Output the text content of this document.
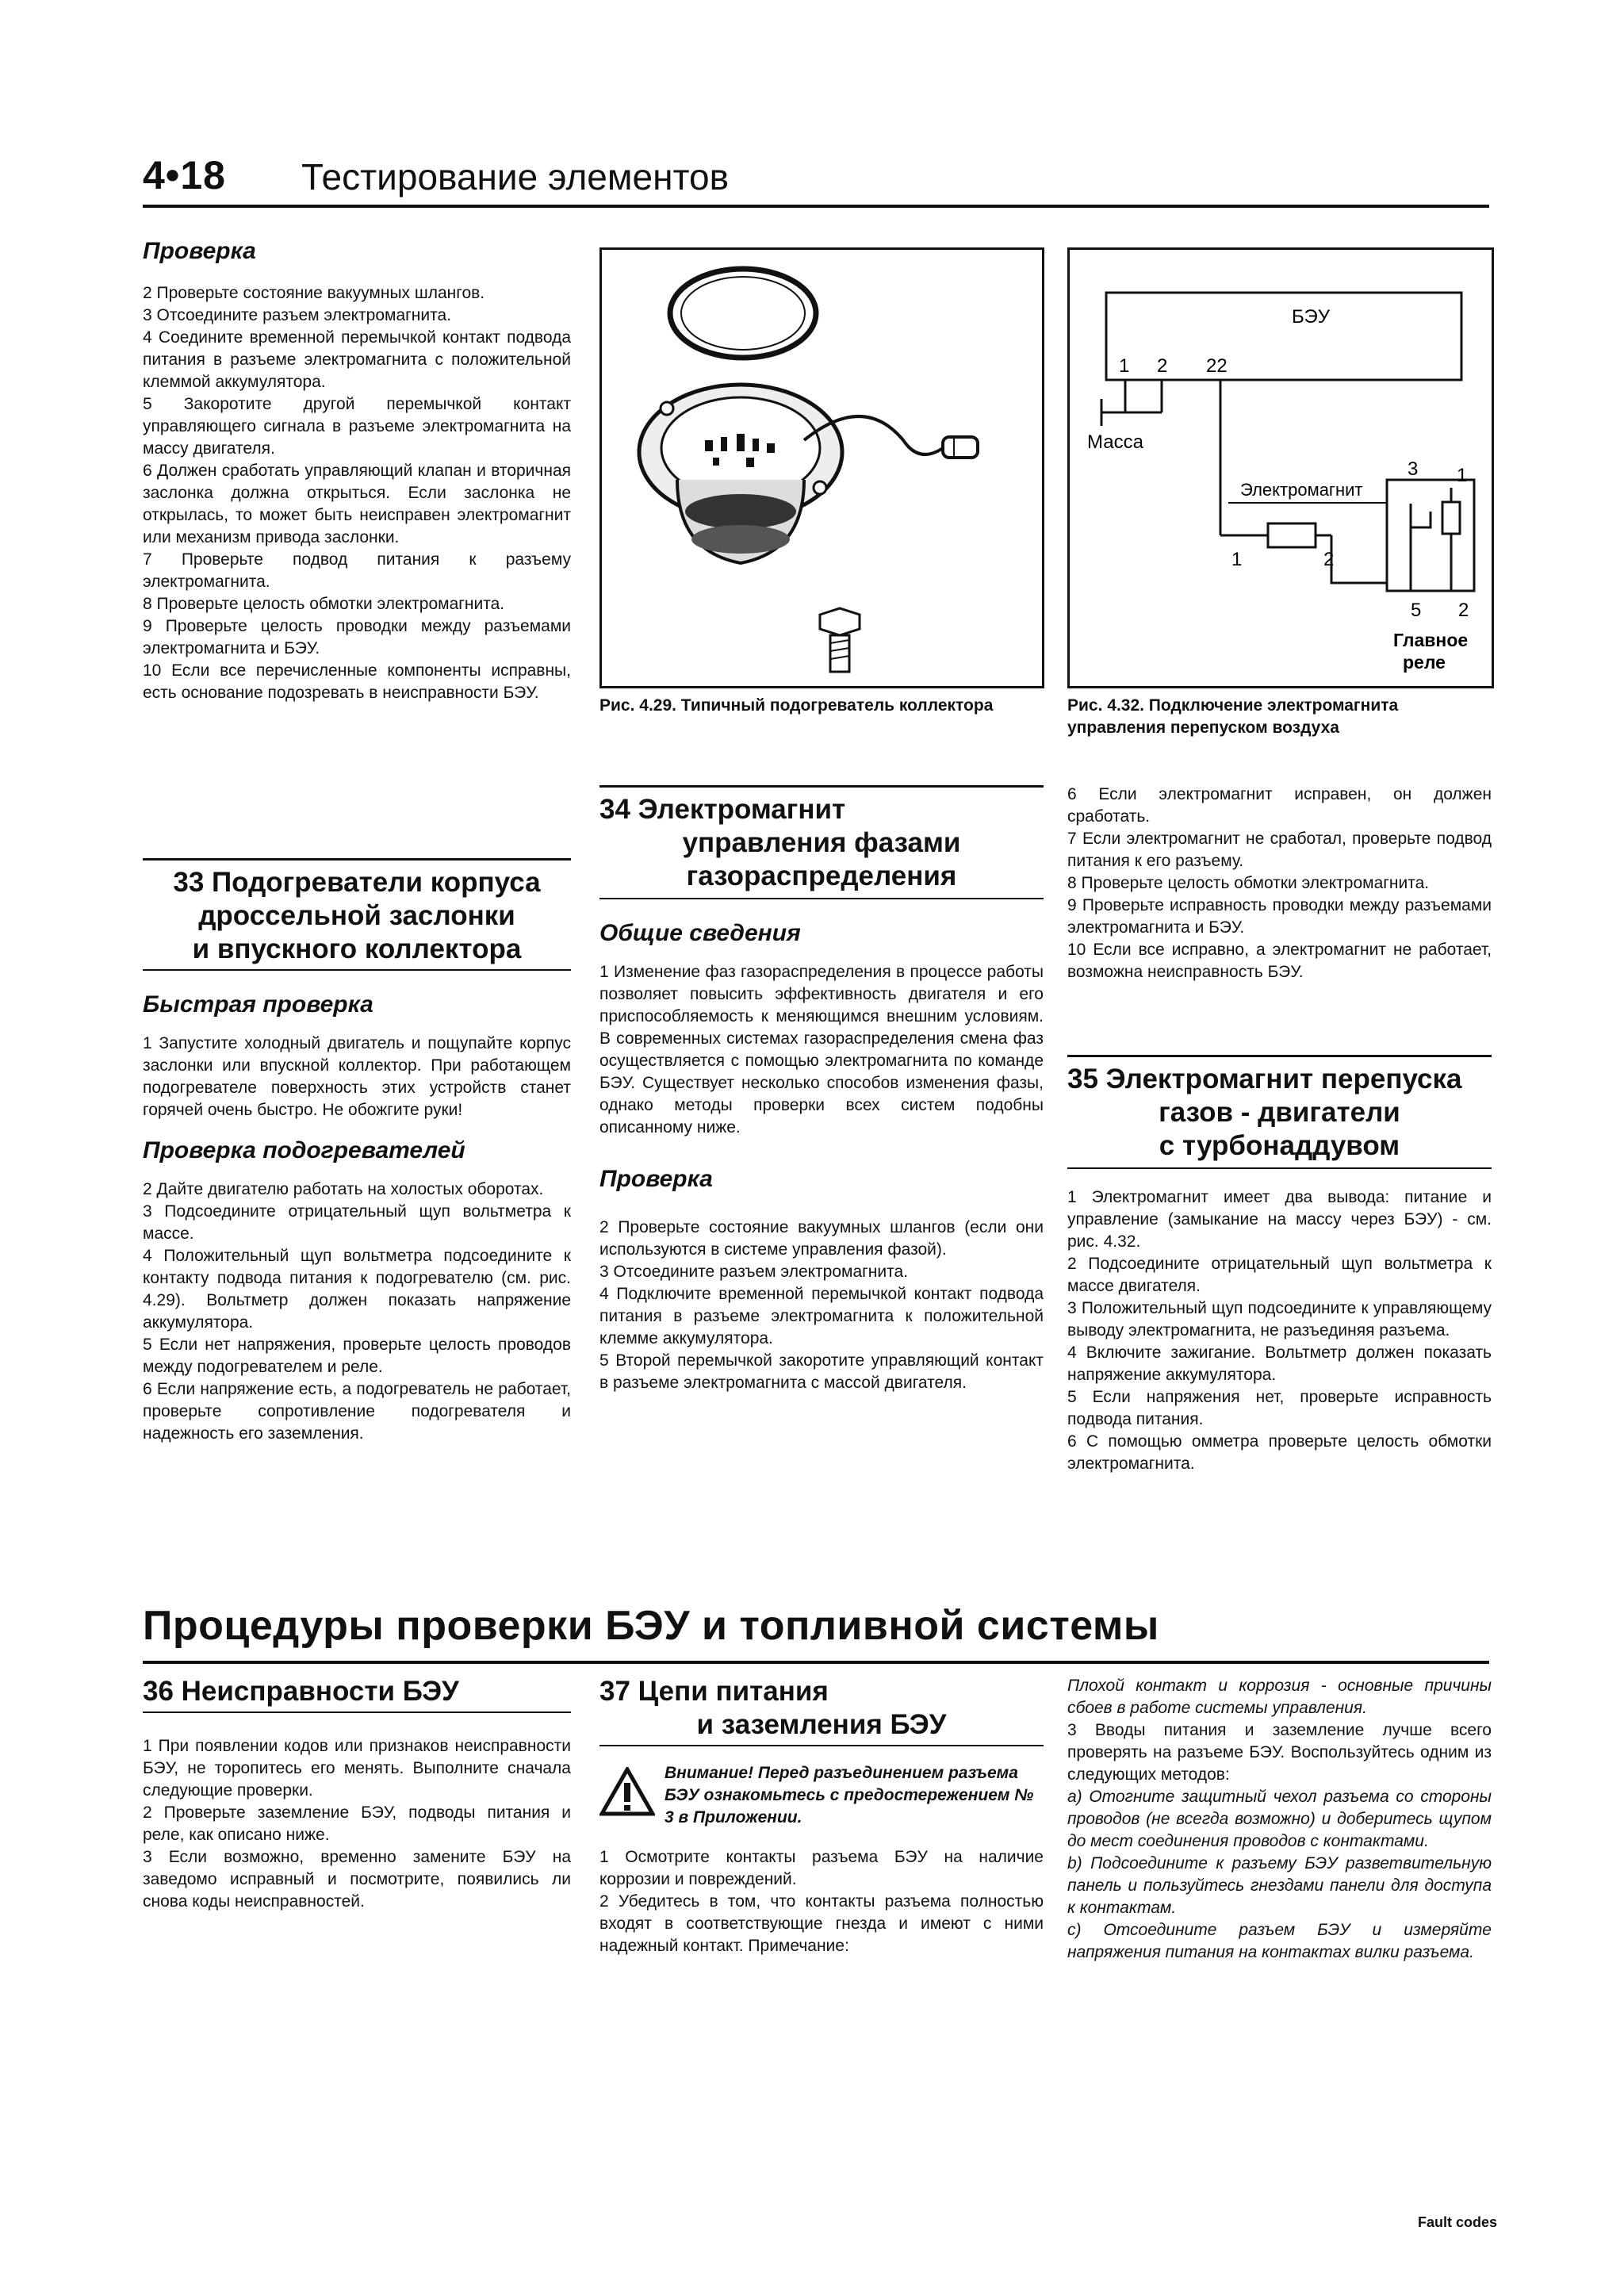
4•18 Тестирование элементов
Проверка

2 Проверьте состояние вакуумных шлангов.

3 Отсоедините разъем электромагнита.

4 Соедините временной перемычкой контакт подвода питания в разъеме электромагнита с положительной клеммой аккумулятора.

5 Закоротите другой перемычкой контакт управляющего сигнала в разъеме электромагнита на массу двигателя.

6 Должен сработать управляющий клапан и вторичная заслонка должна открыться. Если заслонка не открылась, то может быть неисправен электромагнит или механизм привода заслонки.

7 Проверьте подвод питания к разъему электромагнита.

8 Проверьте целость обмотки электромагнита.

9 Проверьте целость проводки между разъемами электромагнита и БЭУ.

10 Если все перечисленные компоненты исправны, есть основание подозревать в неисправности БЭУ.

33 Подогреватели корпуса
дроссельной заслонки
и впускного коллектора
Быстрая проверка

1 Запустите холодный двигатель и пощупайте корпус заслонки или впускной коллектор. При работающем подогревателе поверхность этих устройств станет горячей очень быстро. Не обожгите руки!

Проверка подогревателей

2 Дайте двигателю работать на холостых оборотах.

3 Подсоедините отрицательный щуп вольтметра к массе.

4 Положительный щуп вольтметра подсоедините к контакту подвода питания к подогревателю (см. рис. 4.29). Вольтметр должен показать напряжение аккумулятора.

5 Если нет напряжения, проверьте целость проводов между подогревателем и реле.

6 Если напряжение есть, а подогреватель не работает, проверьте сопротивление подогревателя и надежность его заземления.

Рис. 4.29. Типичный подогреватель коллектора
34 Электромагнит
управления фазами
газораспределения
Общие сведения

1 Изменение фаз газораспределения в процессе работы позволяет повысить эффективность двигателя и его приспособляемость к меняющимся внешним условиям. В современных системах газораспределения смена фаз осуществляется с помощью электромагнита по команде БЭУ. Существует несколько способов изменения фазы, однако методы проверки всех систем подобны описанному ниже.

Проверка

2 Проверьте состояние вакуумных шлангов (если они используются в системе управления фазой).

3 Отсоедините разъем электромагнита.

4 Подключите временной перемычкой контакт подвода питания в разъеме электромагнита к положительной клемме аккумулятора.

5 Второй перемычкой закоротите управляющий контакт в разъеме электромагнита с массой двигателя.

БЭУ
1 2 22
Масса
Электромагнит
1	2
3 1
5 2
Главное
реле
Рис. 4.32. Подключение электромагнита управления перепуском воздуха

6 Если электромагнит исправен, он должен сработать.

7 Если электромагнит не сработал, проверьте подвод питания к его разъему.

8 Проверьте целость обмотки электромагнита.

9 Проверьте исправность проводки между разъемами электромагнита и БЭУ.

10 Если все исправно, а электромагнит не работает, возможна неисправность БЭУ.

35 Электромагнит перепуска
газов - двигатели
с турбонаддувом

1 Электромагнит имеет два вывода: питание и управление (замыкание на массу через БЭУ) - см. рис. 4.32.

2 Подсоедините отрицательный щуп вольтметра к массе двигателя.

3 Положительный щуп подсоедините к управляющему выводу электромагнита, не разъединяя разъема.

4 Включите зажигание. Вольтметр должен показать напряжение аккумулятора.

5 Если напряжения нет, проверьте исправность подвода питания.

6 С помощью омметра проверьте целость обмотки электромагнита.

Процедуры проверки БЭУ и топливной системы
36 Неисправности БЭУ

1 При появлении кодов или признаков неисправности БЭУ, не торопитесь его менять. Выполните сначала следующие проверки.

2 Проверьте заземление БЭУ, подводы питания и реле, как описано ниже.

3 Если возможно, временно замените БЭУ на заведомо исправный и посмотрите, появились ли снова коды неисправностей.

37 Цепи питания
и заземления БЭУ
Внимание! Перед разъединением разъема БЭУ ознакомьтесь с предостережением № 3 в Приложении.

1 Осмотрите контакты разъема БЭУ на наличие коррозии и повреждений.

2 Убедитесь в том, что контакты разъема полностью входят в соответствующие гнезда и имеют с ними надежный контакт. Примечание:

Плохой контакт и коррозия - основные причины сбоев в работе системы управления.

3 Вводы питания и заземление лучше всего проверять на разъеме БЭУ. Воспользуйтесь одним из следующих методов:

а) Отогните защитный чехол разъема со стороны проводов (не всегда возможно) и доберитесь щупом до мест соединения проводов с контактами.

b) Подсоедините к разъему БЭУ разветвительную панель и пользуйтесь гнездами панели для доступа к контактам.

c) Отсоедините разъем БЭУ и измеряйте напряжения питания на контактах вилки разъема.

Fault codes
